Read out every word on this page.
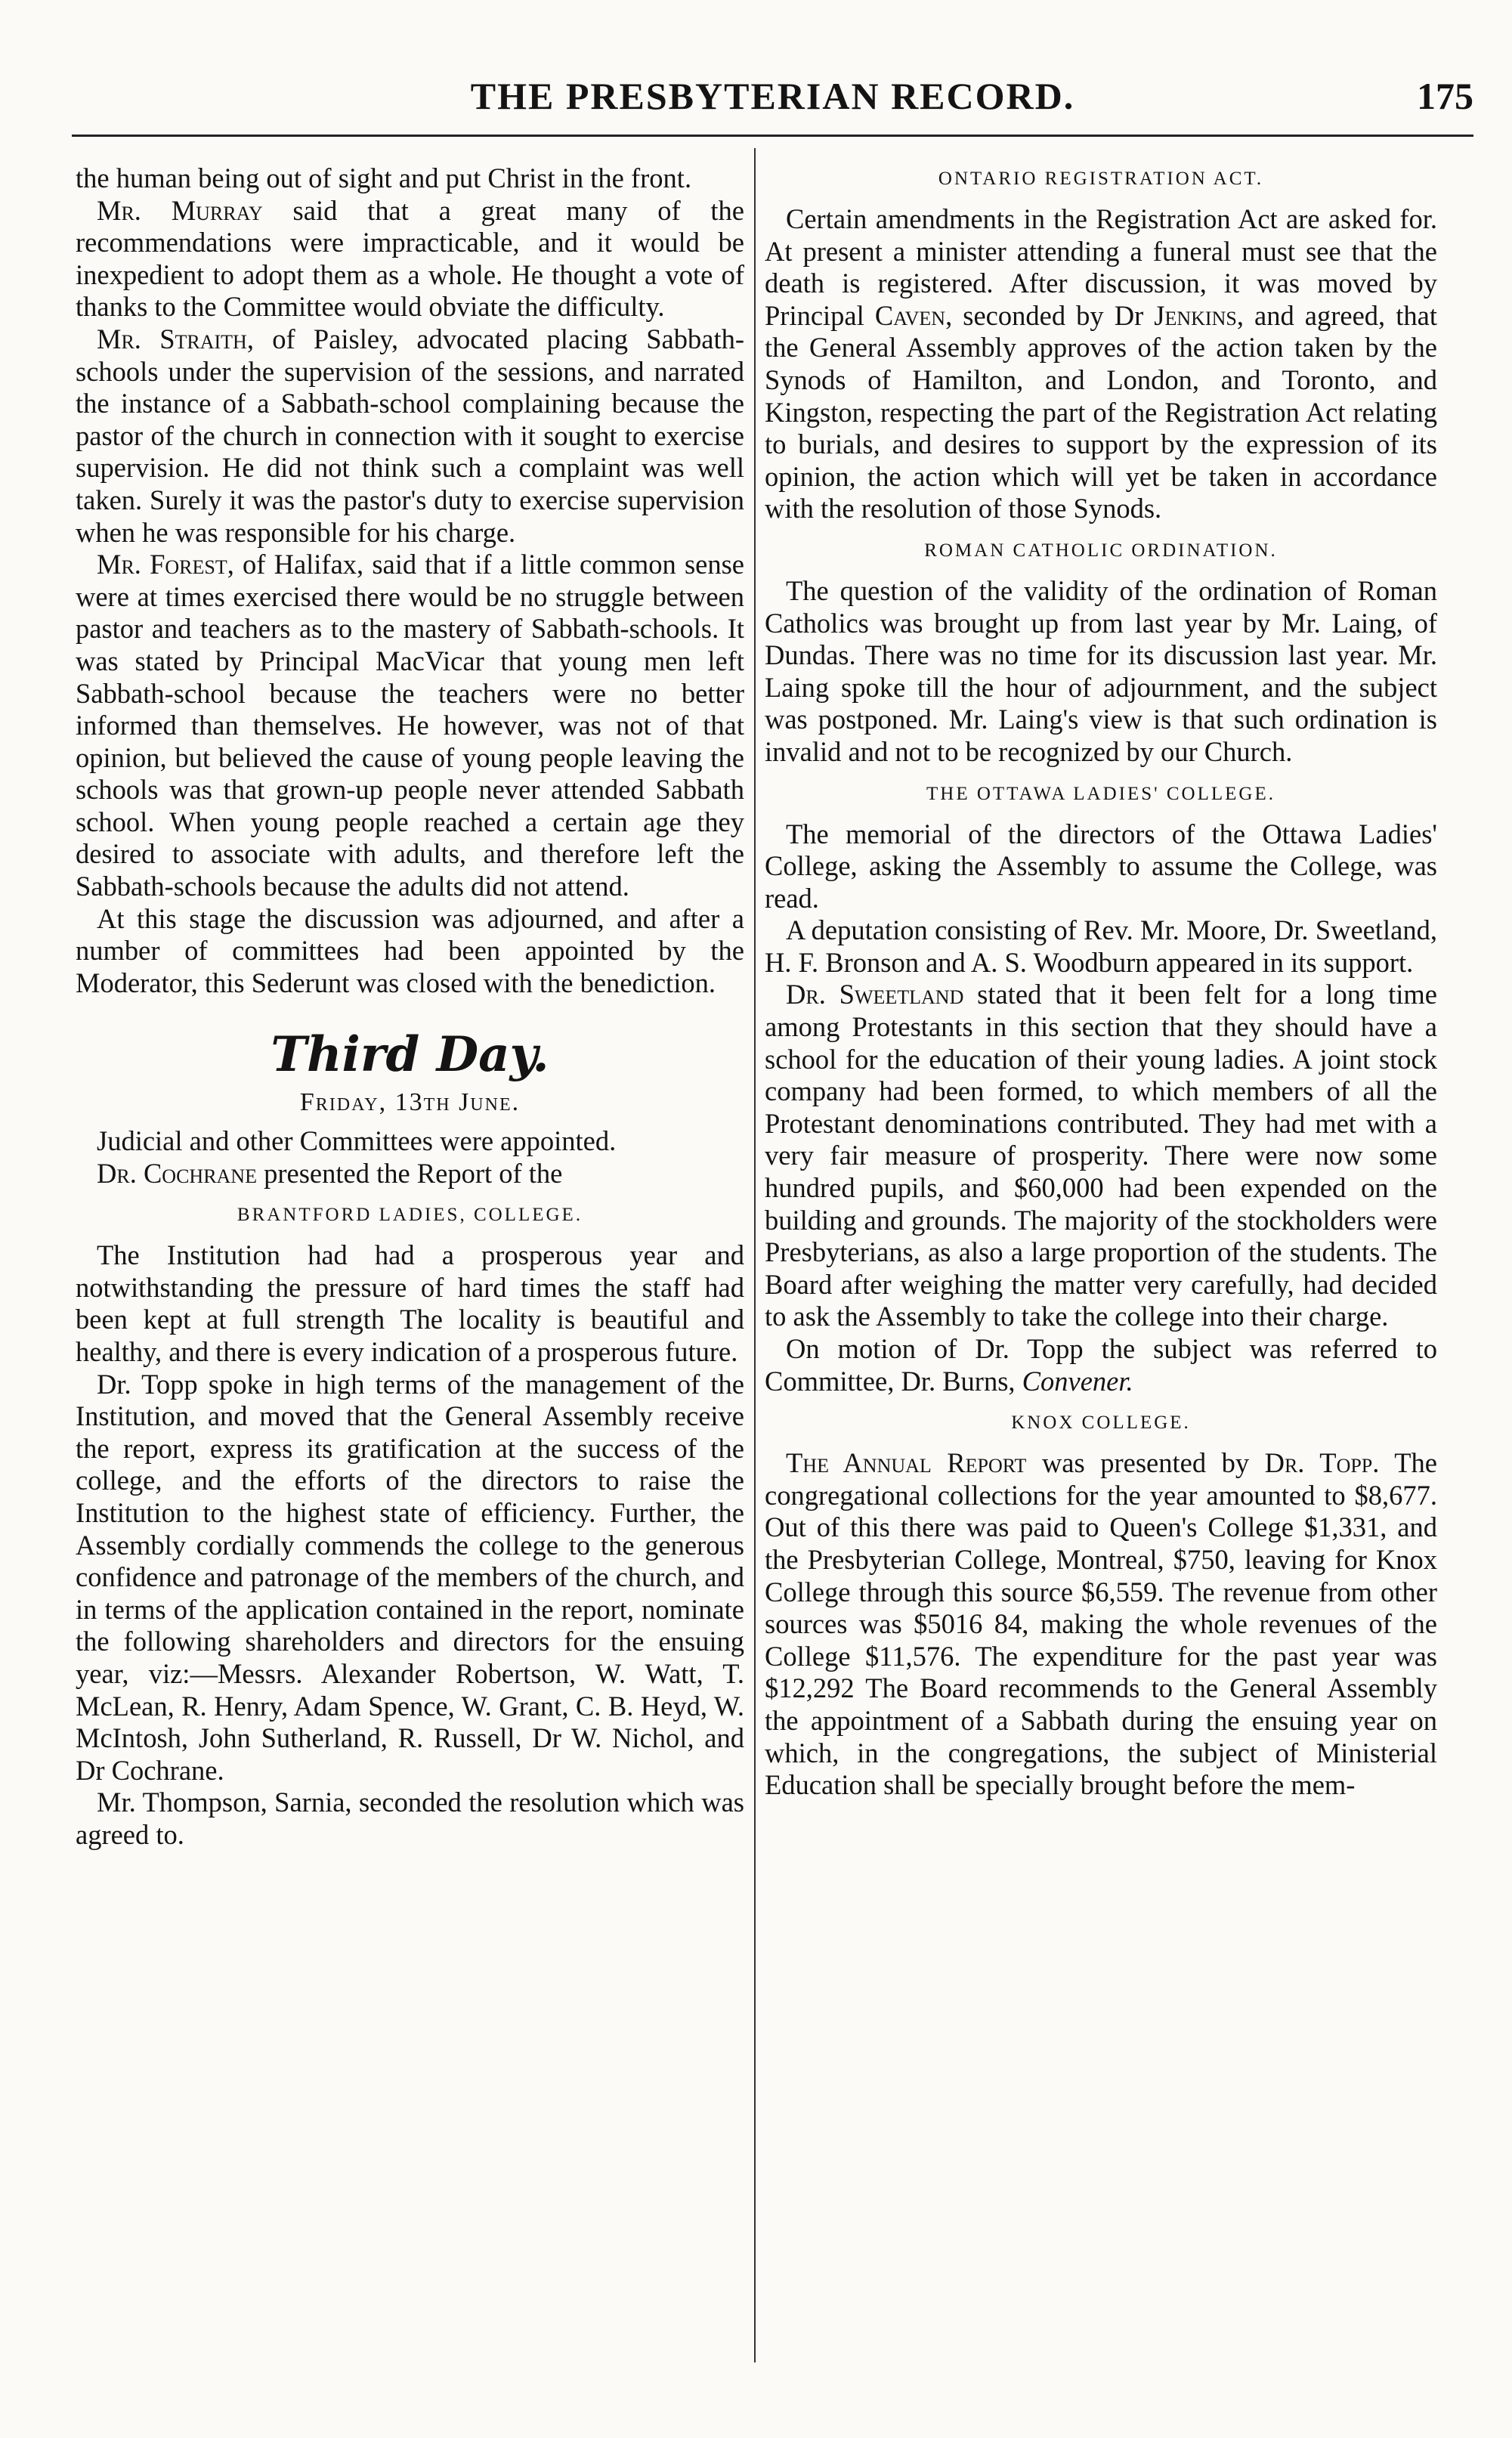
THE PRESBYTERIAN RECORD.	175

the human being out of sight and put Christ in the front.

Mr. Murray said that a great many of the recommendations were impracticable, and it would be inexpedient to adopt them as a whole. He thought a vote of thanks to the Committee would obviate the difficulty.

Mr. Straith, of Paisley, advocated placing Sabbath-schools under the supervision of the sessions, and narrated the instance of a Sabbath-school complaining because the pastor of the church in connection with it sought to exercise supervision. He did not think such a complaint was well taken. Surely it was the pastor's duty to exercise supervision when he was responsible for his charge.

Mr. Forest, of Halifax, said that if a little common sense were at times exercised there would be no struggle between pastor and teachers as to the mastery of Sabbath-schools. It was stated by Principal MacVicar that young men left Sabbath-school because the teachers were no better informed than themselves. He however, was not of that opinion, but believed the cause of young people leaving the schools was that grown-up people never attended Sabbath school. When young people reached a certain age they desired to associate with adults, and therefore left the Sabbath-schools because the adults did not attend.

At this stage the discussion was adjourned, and after a number of committees had been appointed by the Moderator, this Sederunt was closed with the benediction.

Third Day.
Friday, 13th June.

Judicial and other Committees were appointed.

Dr. Cochrane presented the Report of the

BRANTFORD LADIES, COLLEGE.

The Institution had had a prosperous year and notwithstanding the pressure of hard times the staff had been kept at full strength The locality is beautiful and healthy, and there is every indication of a prosperous future.

Dr. Topp spoke in high terms of the management of the Institution, and moved that the General Assembly receive the report, express its gratification at the success of the college, and the efforts of the directors to raise the Institution to the highest state of efficiency. Further, the Assembly cordially commends the college to the generous confidence and patronage of the members of the church, and in terms of the application contained in the report, nominate the following shareholders and directors for the ensuing year, viz:—Messrs. Alexander Robertson, W. Watt, T. McLean, R. Henry, Adam Spence, W. Grant, C. B. Heyd, W. McIntosh, John Sutherland, R. Russell, Dr W. Nichol, and Dr Cochrane.

Mr. Thompson, Sarnia, seconded the resolution which was agreed to.

ONTARIO REGISTRATION ACT.

Certain amendments in the Registration Act are asked for. At present a minister attending a funeral must see that the death is registered. After discussion, it was moved by Principal Caven, seconded by Dr Jenkins, and agreed, that the General Assembly approves of the action taken by the Synods of Hamilton, and London, and Toronto, and Kingston, respecting the part of the Registration Act relating to burials, and desires to support by the expression of its opinion, the action which will yet be taken in accordance with the resolution of those Synods.

ROMAN CATHOLIC ORDINATION.

The question of the validity of the ordination of Roman Catholics was brought up from last year by Mr. Laing, of Dundas. There was no time for its discussion last year. Mr. Laing spoke till the hour of adjournment, and the subject was postponed. Mr. Laing's view is that such ordination is invalid and not to be recognized by our Church.

THE OTTAWA LADIES' COLLEGE.

The memorial of the directors of the Ottawa Ladies' College, asking the Assembly to assume the College, was read.

A deputation consisting of Rev. Mr. Moore, Dr. Sweetland, H. F. Bronson and A. S. Woodburn appeared in its support.

Dr. Sweetland stated that it been felt for a long time among Protestants in this section that they should have a school for the education of their young ladies. A joint stock company had been formed, to which members of all the Protestant denominations contributed. They had met with a very fair measure of prosperity. There were now some hundred pupils, and $60,000 had been expended on the building and grounds. The majority of the stockholders were Presbyterians, as also a large proportion of the students. The Board after weighing the matter very carefully, had decided to ask the Assembly to take the college into their charge.

On motion of Dr. Topp the subject was referred to Committee, Dr. Burns, Convener.

KNOX COLLEGE.

The Annual Report was presented by Dr. Topp. The congregational collections for the year amounted to $8,677. Out of this there was paid to Queen's College $1,331, and the Presbyterian College, Montreal, $750, leaving for Knox College through this source $6,559. The revenue from other sources was $5016 84, making the whole revenues of the College $11,576. The expenditure for the past year was $12,292 The Board recommends to the General Assembly the appointment of a Sabbath during the ensuing year on which, in the congregations, the subject of Ministerial Education shall be specially brought before the mem-
